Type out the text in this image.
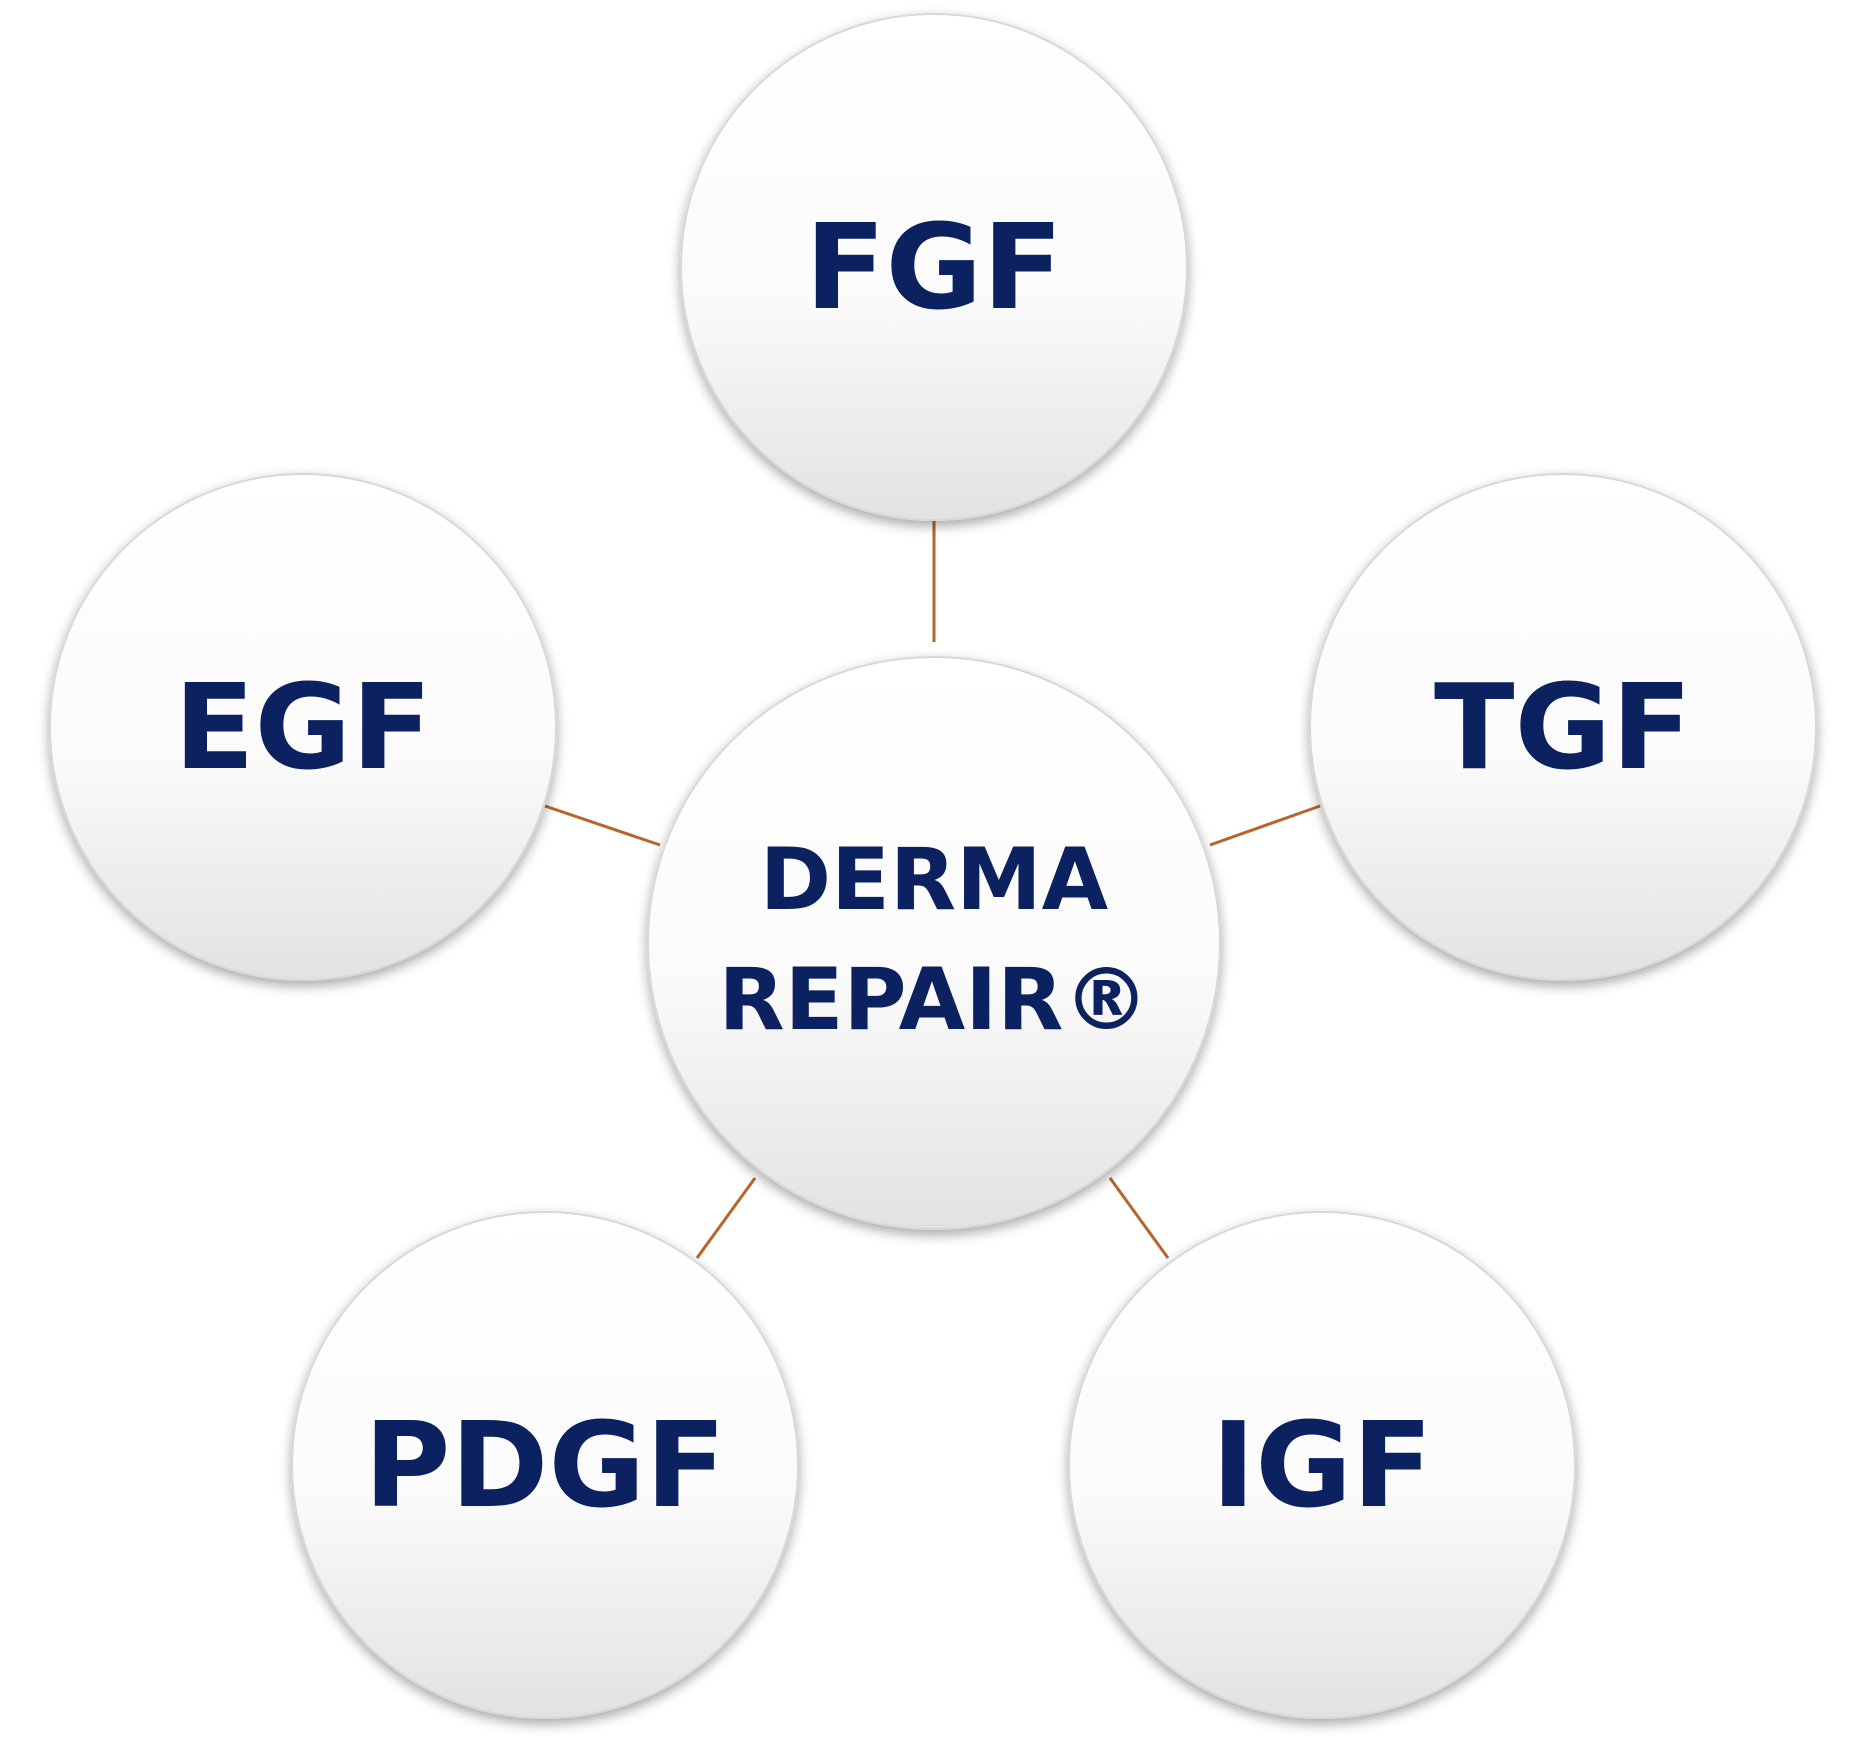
FGF
TGF
IGF
PDGF
EGF
DERMA
REPAIR®
